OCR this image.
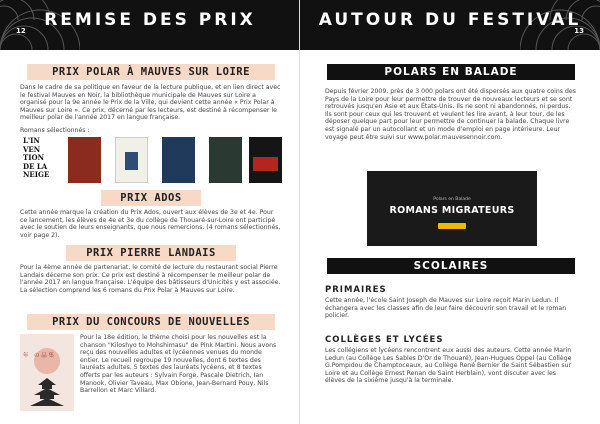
REMISE DES PRIX
12
PRIX POLAR À MAUVES SUR LOIRE

Dans le cadre de sa politique en faveur de la lecture publique, et en lien direct avec le festival Mauves en Noir, la bibliothèque municipale de Mauves sur Loire a organisé pour la 9e année le Prix de la Ville, qui devient cette année « Prix Polar à Mauves sur Loire ». Ce prix, décerné par les lecteurs, est destiné à récompenser le meilleur polar de l'année 2017 en langue française.

Romans sélectionnés :

L'IN
VEN
TION
DE LA
NEIGE
PRIX ADOS

Cette année marque la création du Prix Ados, ouvert aux élèves de 3e et 4e. Pour ce lancement, les élèves de 4e et 3e du collège de Thouaré-sur-Loire ont participé avec le soutien de leurs enseignants, que nous remercions. (4 romans sélectionnés, voir page 2).

PRIX PIERRE LANDAIS

Pour la 4ème année de partenariat, le comité de lecture du restaurant social Pierre Landais décerne son prix. Ce prix est destiné à récompenser le meilleur polar de l'année 2017 en langue française. L'équipe des bâtisseurs d'Unicités y est associée. La sélection comprend les 6 romans du Prix Polar à Mauves sur Loire.

PRIX DU CONCOURS DE NOUVELLES
年　の 品 集

Pour la 18e édition, le thème choisi pour les nouvelles est la chanson "Kiloshyo to Mohshimasu" de Pink Martini. Nous avons reçu des nouvelles adultes et lycéennes venues du monde entier. Le recueil regroupe 19 nouvelles, dont 6 textes des lauréats adultes, 5 textes des lauréats lycéens, et 8 textes offerts par les auteurs : Sylvain Forge, Pascale Dietrich, Ian Manook, Olivier Taveau, Max Obione, Jean-Bernard Pouy, Nils Barrellon et Marc Villard.

AUTOUR DU FESTIVAL
13
POLARS EN BALADE

Depuis février 2009, près de 3 000 polars ont été dispersés aux quatre coins des Pays de la Loire pour leur permettre de trouver de nouveaux lecteurs et se sont retrouvés jusqu'en Asie et aux États-Unis. Ils ne sont ni abandonnés, ni perdus. Ils sont pour ceux qui les trouvent et veulent les lire avant, à leur tour, de les déposer quelque part pour leur permettre de continuer la balade. Chaque livre est signalé par un autocollant et un mode d'emploi en page intérieure. Leur voyage peut être suivi sur www.polar.mauvesennoir.com.

SCOLAIRES
PRIMAIRES

Cette année, l'école Saint Joseph de Mauves sur Loire reçoit Marin Ledun. Il échangera avec les classes afin de leur faire découvrir son travail et le roman policier.

COLLÈGES ET LYCÉES

Les collégiens et lycéens rencontrent eux aussi des auteurs. Cette année Marin Ledun (au Collège Les Sables D'Or de Thouaré), Jean-Hugues Oppel (au Collège G.Pompidou de Champtoceaux, au Collège René Bernier de Saint Sébastien sur Loire et au Collège Ernest Renan de Saint Herblain), vont discuter avec les élèves de la sixième jusqu'à la terminale.

Polars en Balade
ROMANS MIGRATEURS
